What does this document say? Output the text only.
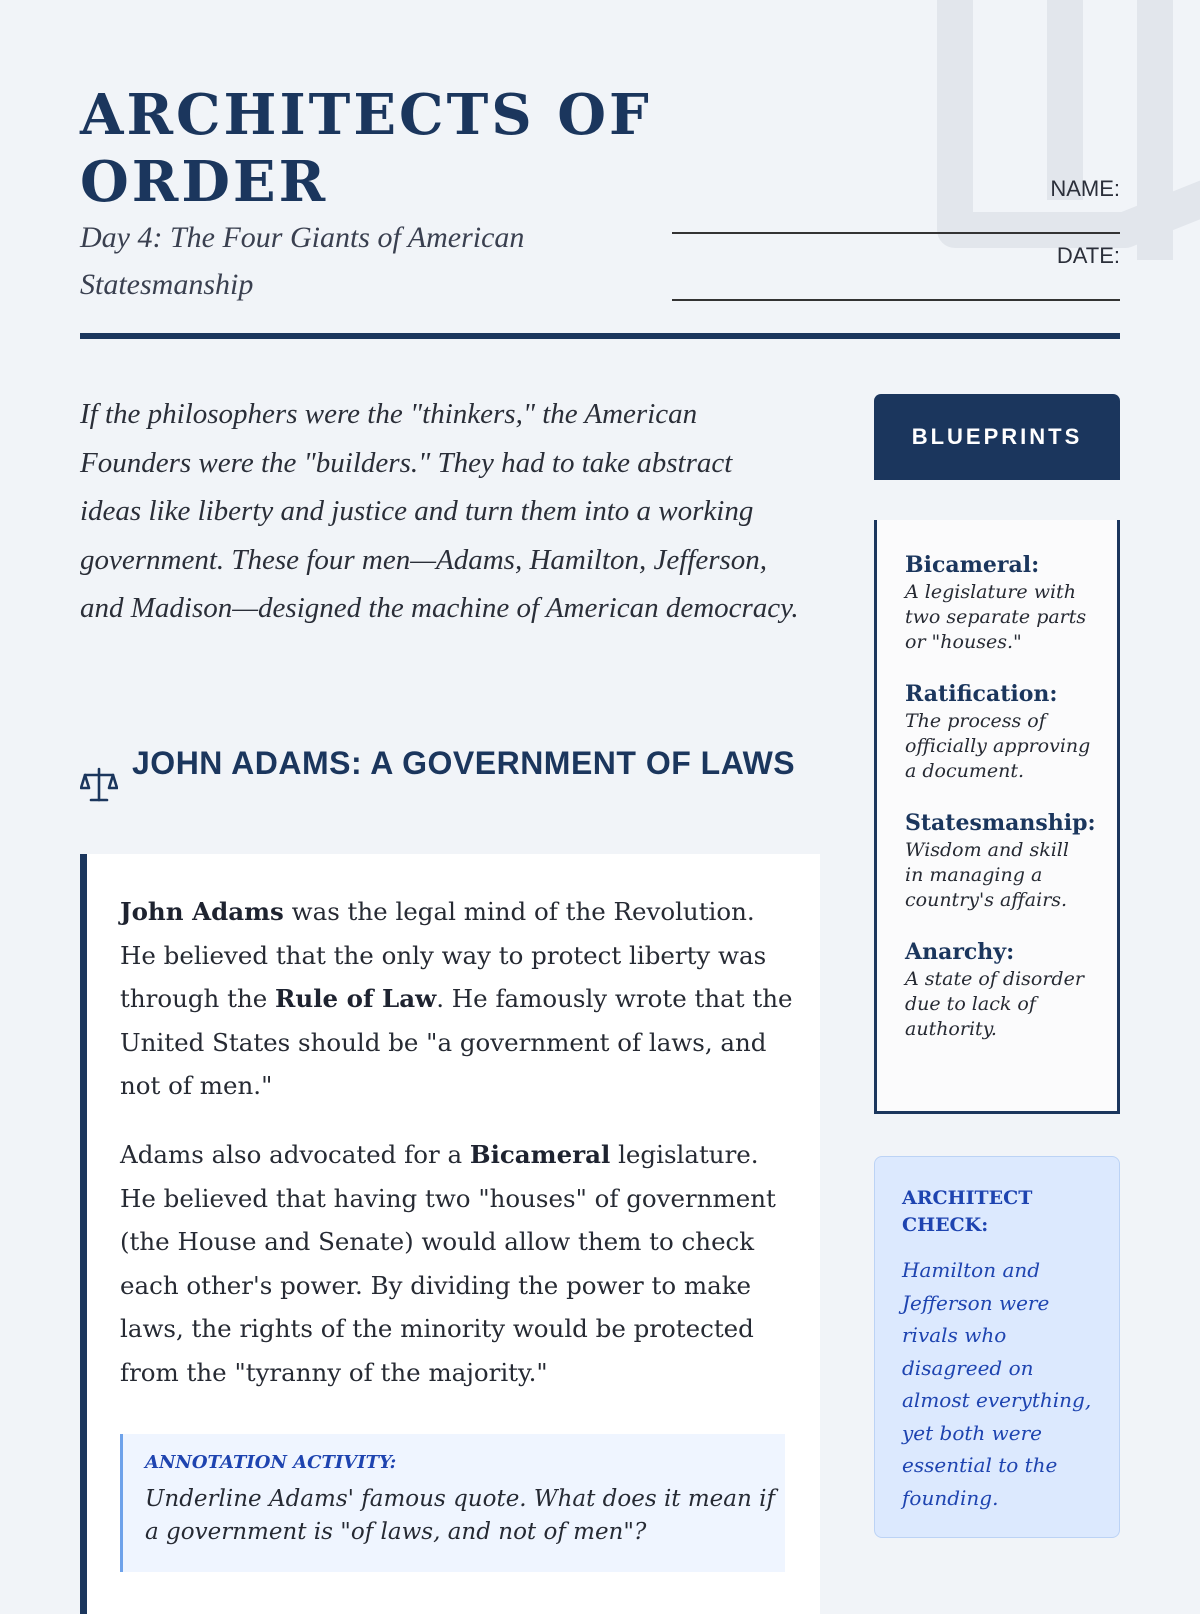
ARCHITECTS OF ORDER

Day 4: The Four Giants of American Statesmanship

NAME:
DATE:

If the philosophers were the "thinkers," the American Founders were the "builders." They had to take abstract ideas like liberty and justice and turn them into a working government. These four men—Adams, Hamilton, Jefferson, and Madison—designed the machine of American democracy.

JOHN ADAMS: A GOVERNMENT OF LAWS

John Adams was the legal mind of the Revolution. He believed that the only way to protect liberty was through the Rule of Law. He famously wrote that the United States should be "a government of laws, and not of men."

Adams also advocated for a Bicameral legislature. He believed that having two "houses" of government (the House and Senate) would allow them to check each other's power. By dividing the power to make laws, the rights of the minority would be protected from the "tyranny of the majority."

ANNOTATION ACTIVITY:
Underline Adams' famous quote. What does it mean if a government is "of laws, and not of men"?
BLUEPRINTS
Bicameral:
A legislature with two separate parts or "houses."
Ratification:
The process of officially approving a document.
Statesmanship:
Wisdom and skill in managing a country's affairs.
Anarchy:
A state of disorder due to lack of authority.
ARCHITECT CHECK:
Hamilton and Jefferson were rivals who disagreed on almost everything, yet both were essential to the founding.
